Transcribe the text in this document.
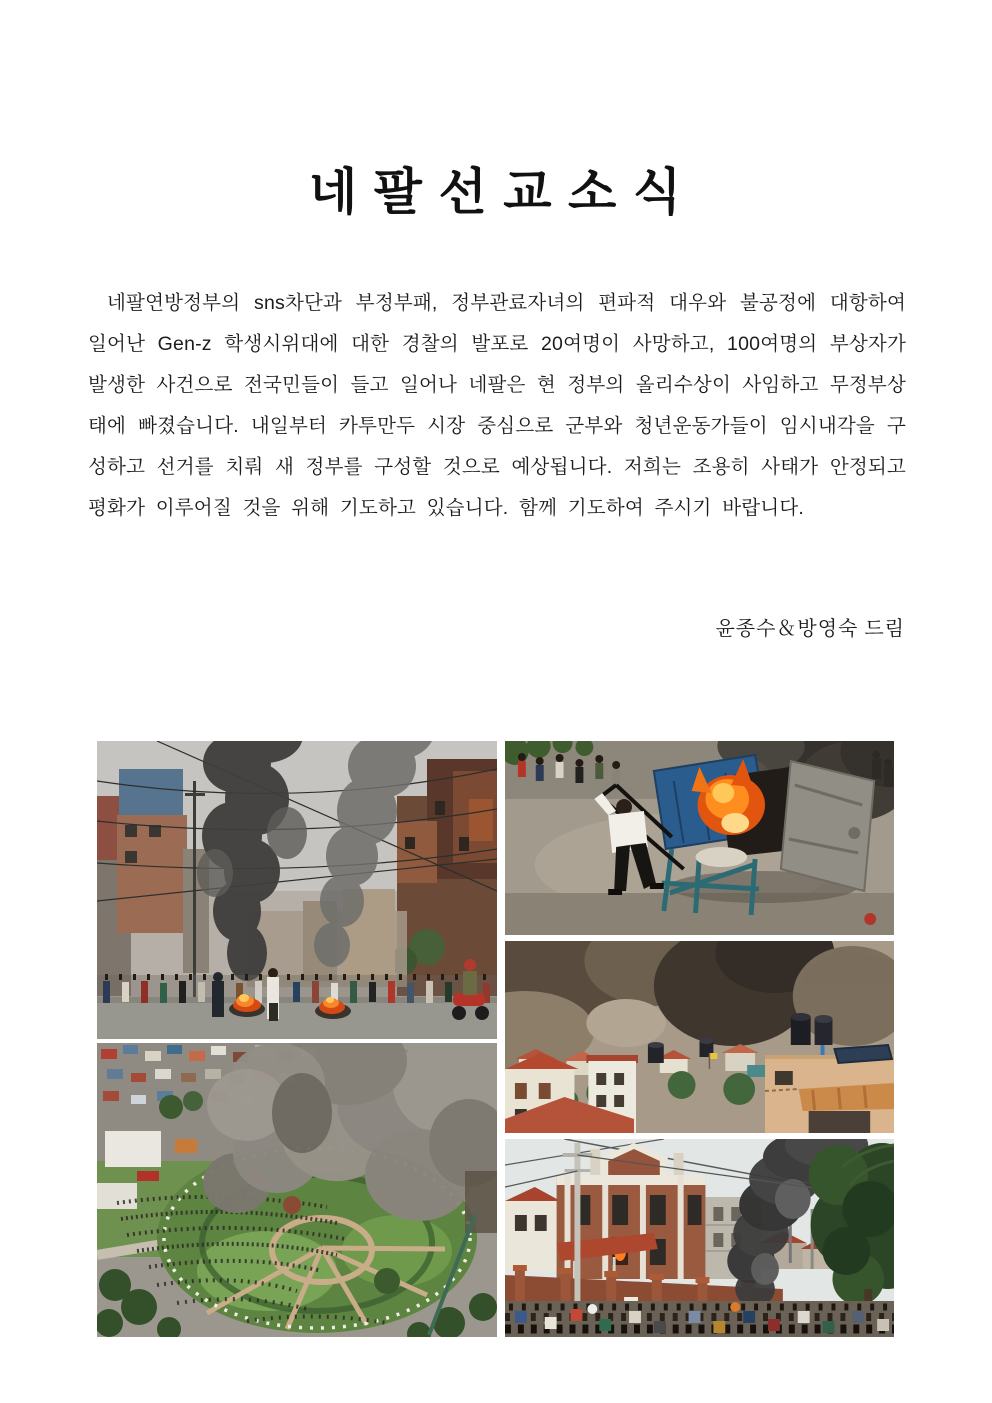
네 팔 선 교 소 식

네팔연방정부의 sns차단과 부정부패, 정부관료자녀의 편파적 대우와 불공정에 대항하여 일어난 Gen-z 학생시위대에 대한 경찰의 발포로 20여명이 사망하고, 100여명의 부상자가 발생한 사건으로 전국민들이 들고 일어나 네팔은 현 정부의 올리수상이 사임하고 무정부상태에 빠졌습니다. 내일부터 카투만두 시장 중심으로 군부와 청년운동가들이 임시내각을 구성하고 선거를 치뤄 새 정부를 구성할 것으로 예상됩니다. 저희는 조용히 사태가 안정되고 평화가 이루어질 것을 위해 기도하고 있습니다. 함께 기도하여 주시기 바랍니다.

윤종수＆방영숙 드림
